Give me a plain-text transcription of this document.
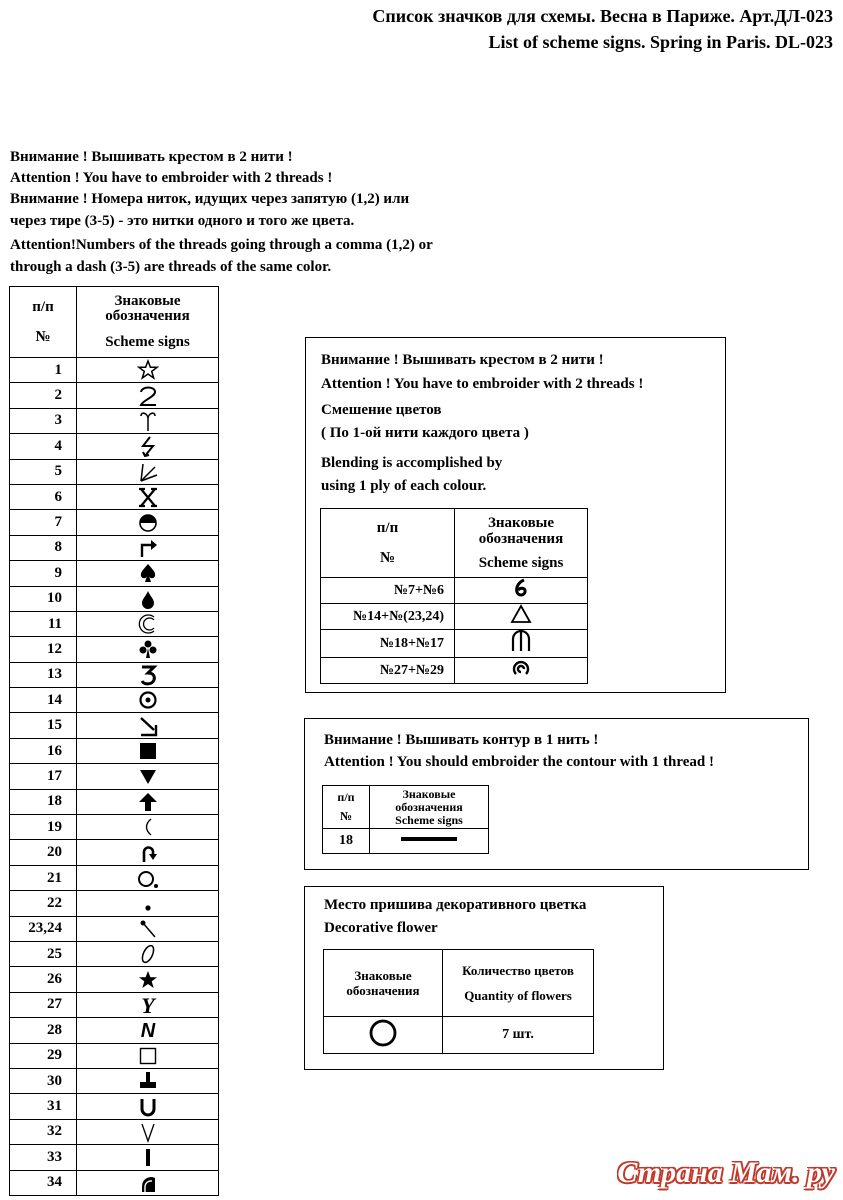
Список значков для схемы. Весна в Париже. Арт.ДЛ-023
List of scheme signs. Spring in Paris. DL-023
Внимание ! Вышивать крестом в 2 нити !
Attention ! You have to embroider with 2 threads !
Внимание ! Номера ниток, идущих через запятую (1,2) или
через тире (3-5) - это нитки одного и того же цвета.
Attention!Numbers of the threads going through a comma (1,2) or
through a dash (3-5) are threads of the same color.
п/п
№	Знаковые обозначения
Scheme signs
1	

2	

3	

4	

5	

6	

7	

8	

9	

10	

11	

12	

13	

14	

15	

16	

17	

18	

19	

20	

21	

22	

23,24	

25	

26	

27	Y

28	N

29	

30	

31	

32	

33	

34	
Внимание ! Вышивать крестом в 2 нити !
Attention ! You have to embroider with 2 threads !
Смешение цветов
( По 1-ой нити каждого цвета )
Blending is accomplished by
using 1 ply of each colour.
п/п
№	Знаковые обозначения
Scheme signs
№7+№6	
№14+№(23,24)	
№18+№17	
№27+№29	
Внимание ! Вышивать контур в 1 нить !
Attention ! You should embroider the contour with 1 thread !
п/п
№	Знаковые
обозначения
Scheme signs

18	
Место пришива декоративного цветка
Decorative flower
Знаковые
обозначения	Количество цветов
Quantity of flowers

	7 шт.
Страна Мам. ру
